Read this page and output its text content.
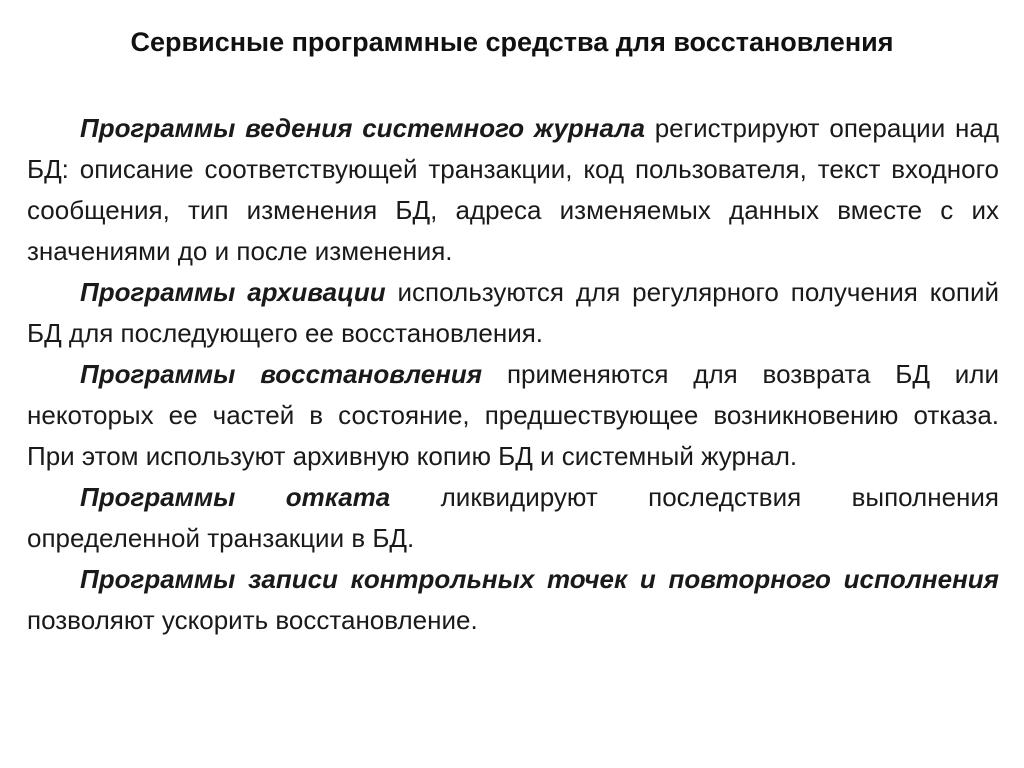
Сервисные программные средства для восстановления

Программы ведения системного журнала регистрируют операции над БД: описание соответствующей транзакции, код пользователя, текст входного сообщения, тип изменения БД, адреса изменяемых данных вместе с их значениями до и после изменения.

Программы архивации используются для регулярного получения копий БД для последующего ее восстановления.

Программы восстановления применяются для возврата БД или некоторых ее частей в состояние, предшествующее возникновению отказа. При этом используют архивную копию БД и системный журнал.

Программы отката ликвидируют последствия выполнения определенной транзакции в БД.

Программы записи контрольных точек и повторного исполнения позволяют ускорить восстановление.
